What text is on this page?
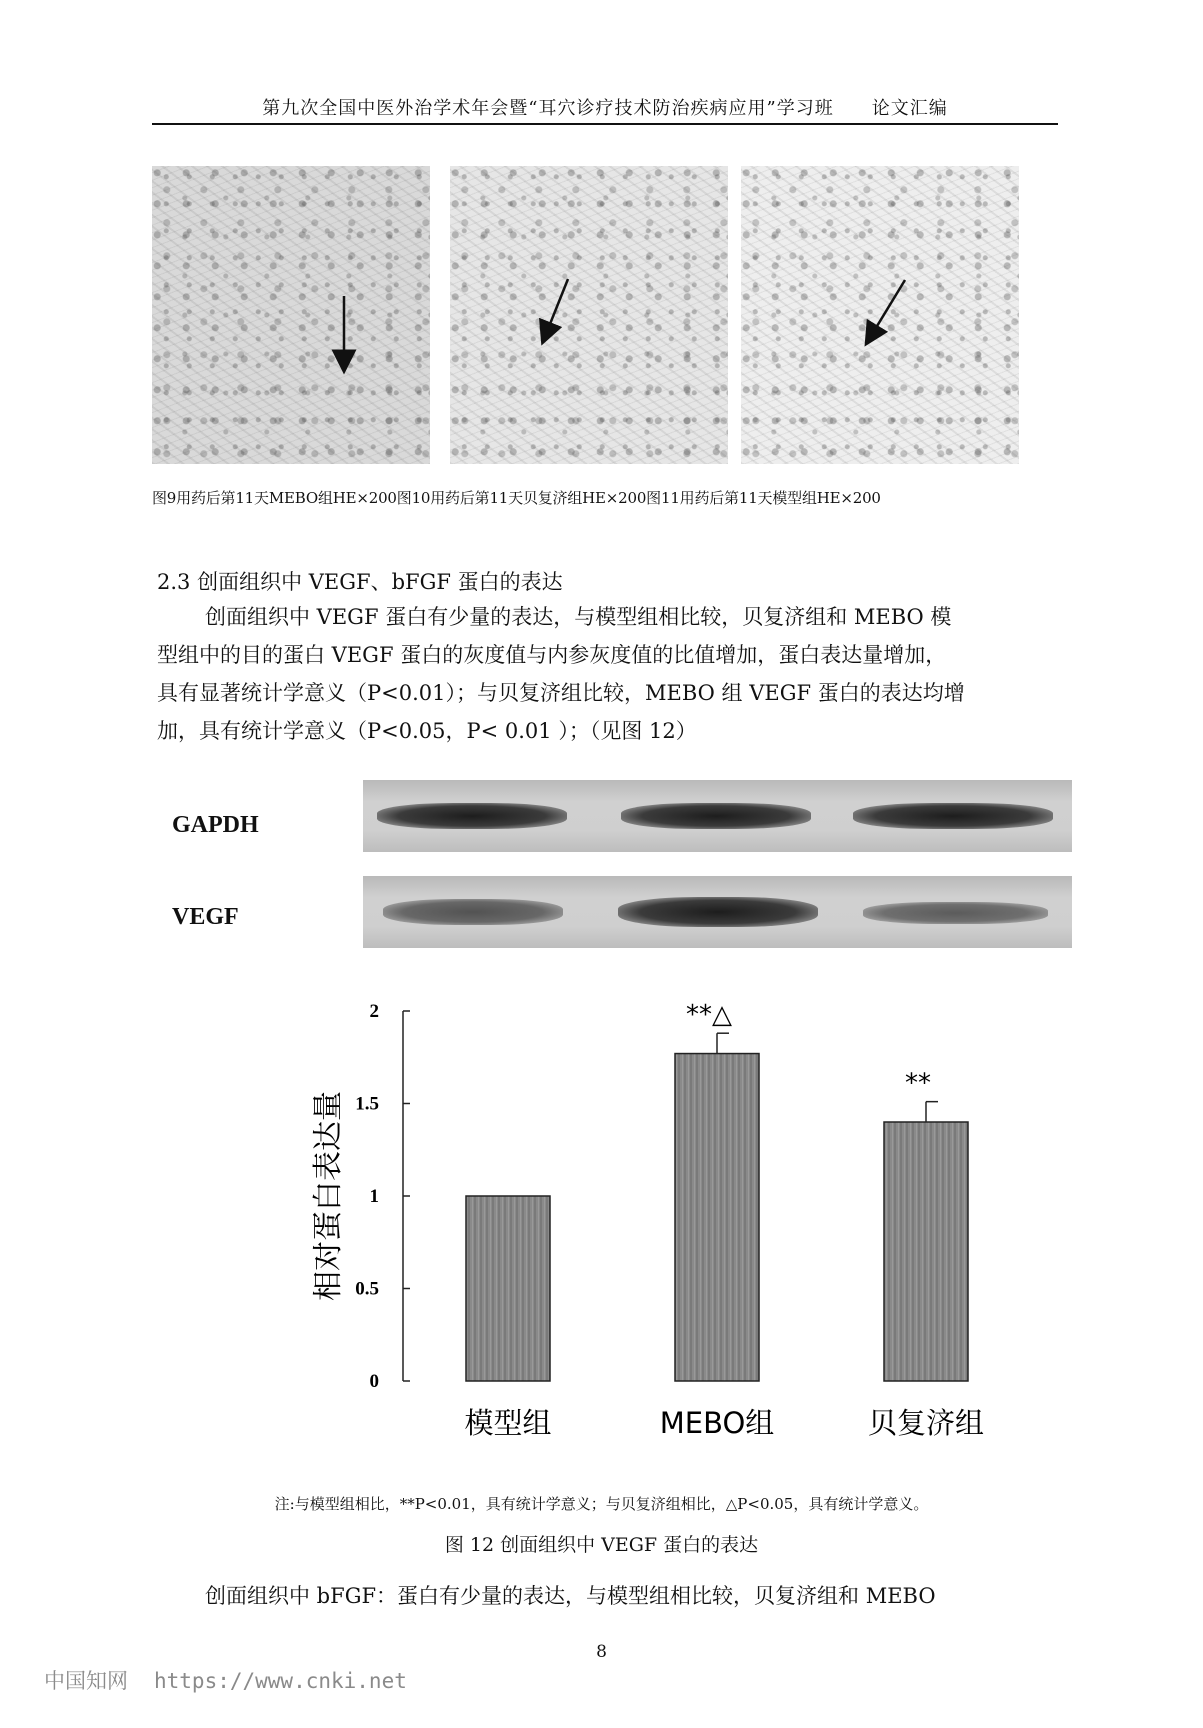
第九次全国中医外治学术年会暨“耳穴诊疗技术防治疾病应用”学习班　　论文汇编
图9用药后第11天MEBO组HE×200图10用药后第11天贝复济组HE×200图11用药后第11天模型组HE×200
2.3 创面组织中 VEGF、bFGF 蛋白的表达

创面组织中 VEGF 蛋白有少量的表达，与模型组相比较，贝复济组和 MEBO 模

型组中的目的蛋白 VEGF 蛋白的灰度值与内参灰度值的比值增加，蛋白表达量增加，

具有显著统计学意义（P<0.01）；与贝复济组比较，MEBO 组 VEGF 蛋白的表达均增

加，具有统计学意义（P<0.05，P< 0.01 ）；（见图 12）

GAPDH
VEGF
0
0.5
1
1.5
2
相对蛋白表达量
模型组
**△
MEBO组
**
贝复济组
注:与模型组相比，**P<0.01，具有统计学意义；与贝复济组相比，△P<0.05，具有统计学意义。
图 12 创面组织中 VEGF 蛋白的表达
创面组织中 bFGF：蛋白有少量的表达，与模型组相比较，贝复济组和 MEBO
8
中国知网 https://www.cnki.net
